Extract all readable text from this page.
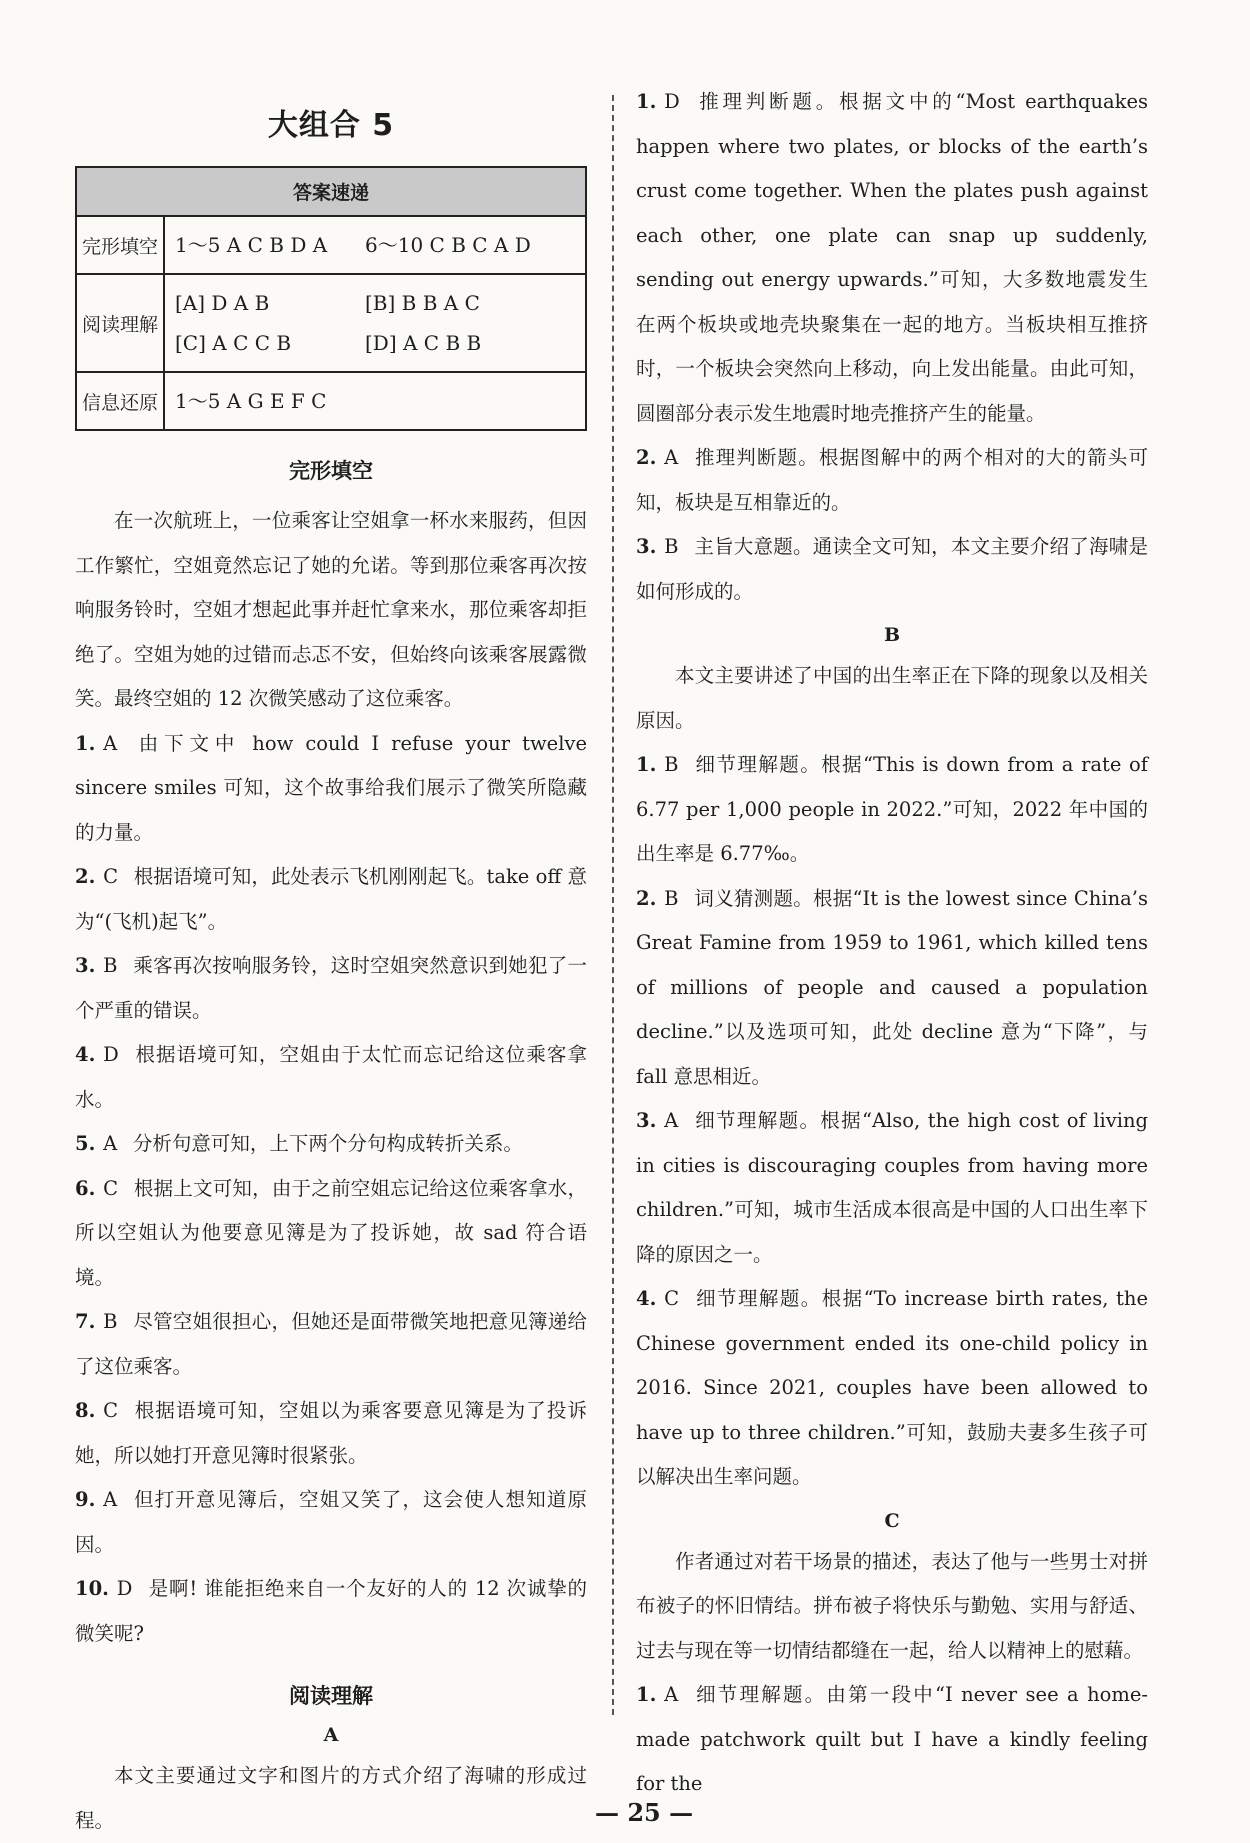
大组合 5
答案速递	
完形填空	1～5 A C B D A 6～10 C B C A D

阅读理解	[A] D A B [B] B B A C
[C] A C C B [D] A C B B

信息还原	1～5 A G E F C
完形填空

在一次航班上，一位乘客让空姐拿一杯水来服药，但因工作繁忙，空姐竟然忘记了她的允诺。等到那位乘客再次按响服务铃时，空姐才想起此事并赶忙拿来水，那位乘客却拒绝了。空姐为她的过错而忐忑不安，但始终向该乘客展露微笑。最终空姐的 12 次微笑感动了这位乘客。

1. A 由下文中 how could I refuse your twelve sincere smiles 可知，这个故事给我们展示了微笑所隐藏的力量。

2. C 根据语境可知，此处表示飞机刚刚起飞。take off 意为“(飞机)起飞”。

3. B 乘客再次按响服务铃，这时空姐突然意识到她犯了一个严重的错误。

4. D 根据语境可知，空姐由于太忙而忘记给这位乘客拿水。

5. A 分析句意可知，上下两个分句构成转折关系。

6. C 根据上文可知，由于之前空姐忘记给这位乘客拿水，所以空姐认为他要意见簿是为了投诉她，故 sad 符合语境。

7. B 尽管空姐很担心，但她还是面带微笑地把意见簿递给了这位乘客。

8. C 根据语境可知，空姐以为乘客要意见簿是为了投诉她，所以她打开意见簿时很紧张。

9. A 但打开意见簿后，空姐又笑了，这会使人想知道原因。

10. D 是啊! 谁能拒绝来自一个友好的人的 12 次诚挚的微笑呢?

阅读理解
A

本文主要通过文字和图片的方式介绍了海啸的形成过程。

1. D 推理判断题。根据文中的“Most earthquakes happen where two plates, or blocks of the earth’s crust come together. When the plates push against each other, one plate can snap up suddenly, sending out energy upwards.”可知，大多数地震发生在两个板块或地壳块聚集在一起的地方。当板块相互推挤时，一个板块会突然向上移动，向上发出能量。由此可知，圆圈部分表示发生地震时地壳推挤产生的能量。

2. A 推理判断题。根据图解中的两个相对的大的箭头可知，板块是互相靠近的。

3. B 主旨大意题。通读全文可知，本文主要介绍了海啸是如何形成的。

B

本文主要讲述了中国的出生率正在下降的现象以及相关原因。

1. B 细节理解题。根据“This is down from a rate of 6.77 per 1,000 people in 2022.”可知，2022 年中国的出生率是 6.77‰。

2. B 词义猜测题。根据“It is the lowest since China’s Great Famine from 1959 to 1961, which killed tens of millions of people and caused a population decline.”以及选项可知，此处 decline 意为“下降”，与 fall 意思相近。

3. A 细节理解题。根据“Also, the high cost of living in cities is discouraging couples from having more children.”可知，城市生活成本很高是中国的人口出生率下降的原因之一。

4. C 细节理解题。根据“To increase birth rates, the Chinese government ended its one-child policy in 2016. Since 2021, couples have been allowed to have up to three children.”可知，鼓励夫妻多生孩子可以解决出生率问题。

C

作者通过对若干场景的描述，表达了他与一些男士对拼布被子的怀旧情结。拼布被子将快乐与勤勉、实用与舒适、过去与现在等一切情结都缝在一起，给人以精神上的慰藉。

1. A 细节理解题。由第一段中“I never see a home-made patchwork quilt but I have a kindly feeling for the

— 25 —
